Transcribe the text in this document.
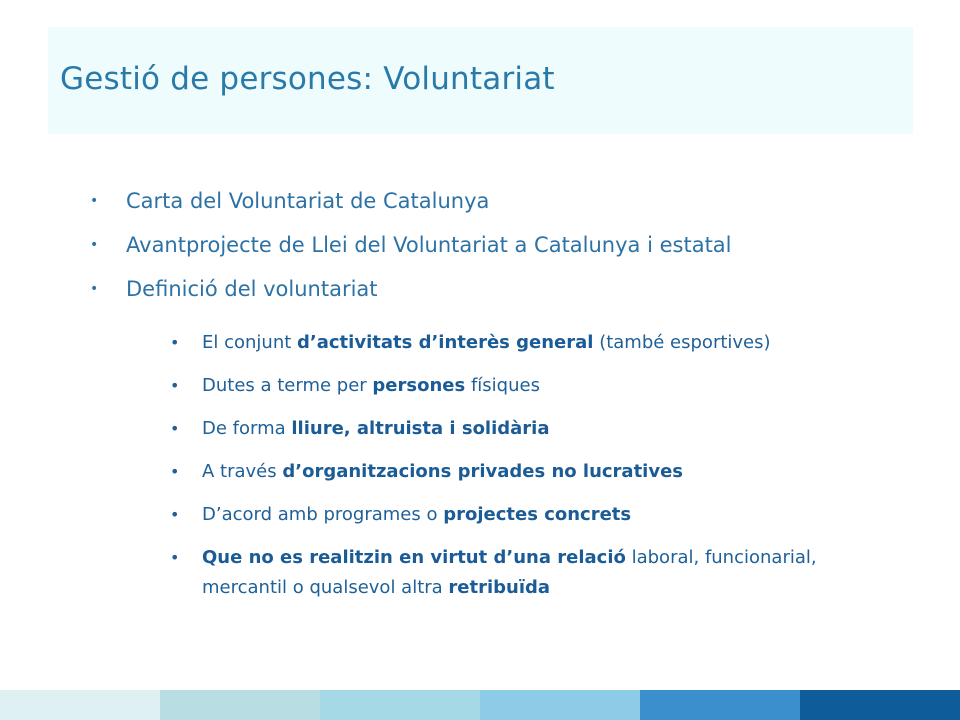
Gestió de persones: Voluntariat
• Carta del Voluntariat de Catalunya
• Avantprojecte de Llei del Voluntariat a Catalunya i estatal
• Definició del voluntariat
• El conjunt d’activitats d’interès general (també esportives)
• Dutes a terme per persones físiques
• De forma lliure, altruista i solidària
• A través d’organitzacions privades no lucratives
• D’acord amb programes o projectes concrets
• Que no es realitzin en virtut d’una relació laboral, funcionarial, mercantil o qualsevol altra retribuïda
